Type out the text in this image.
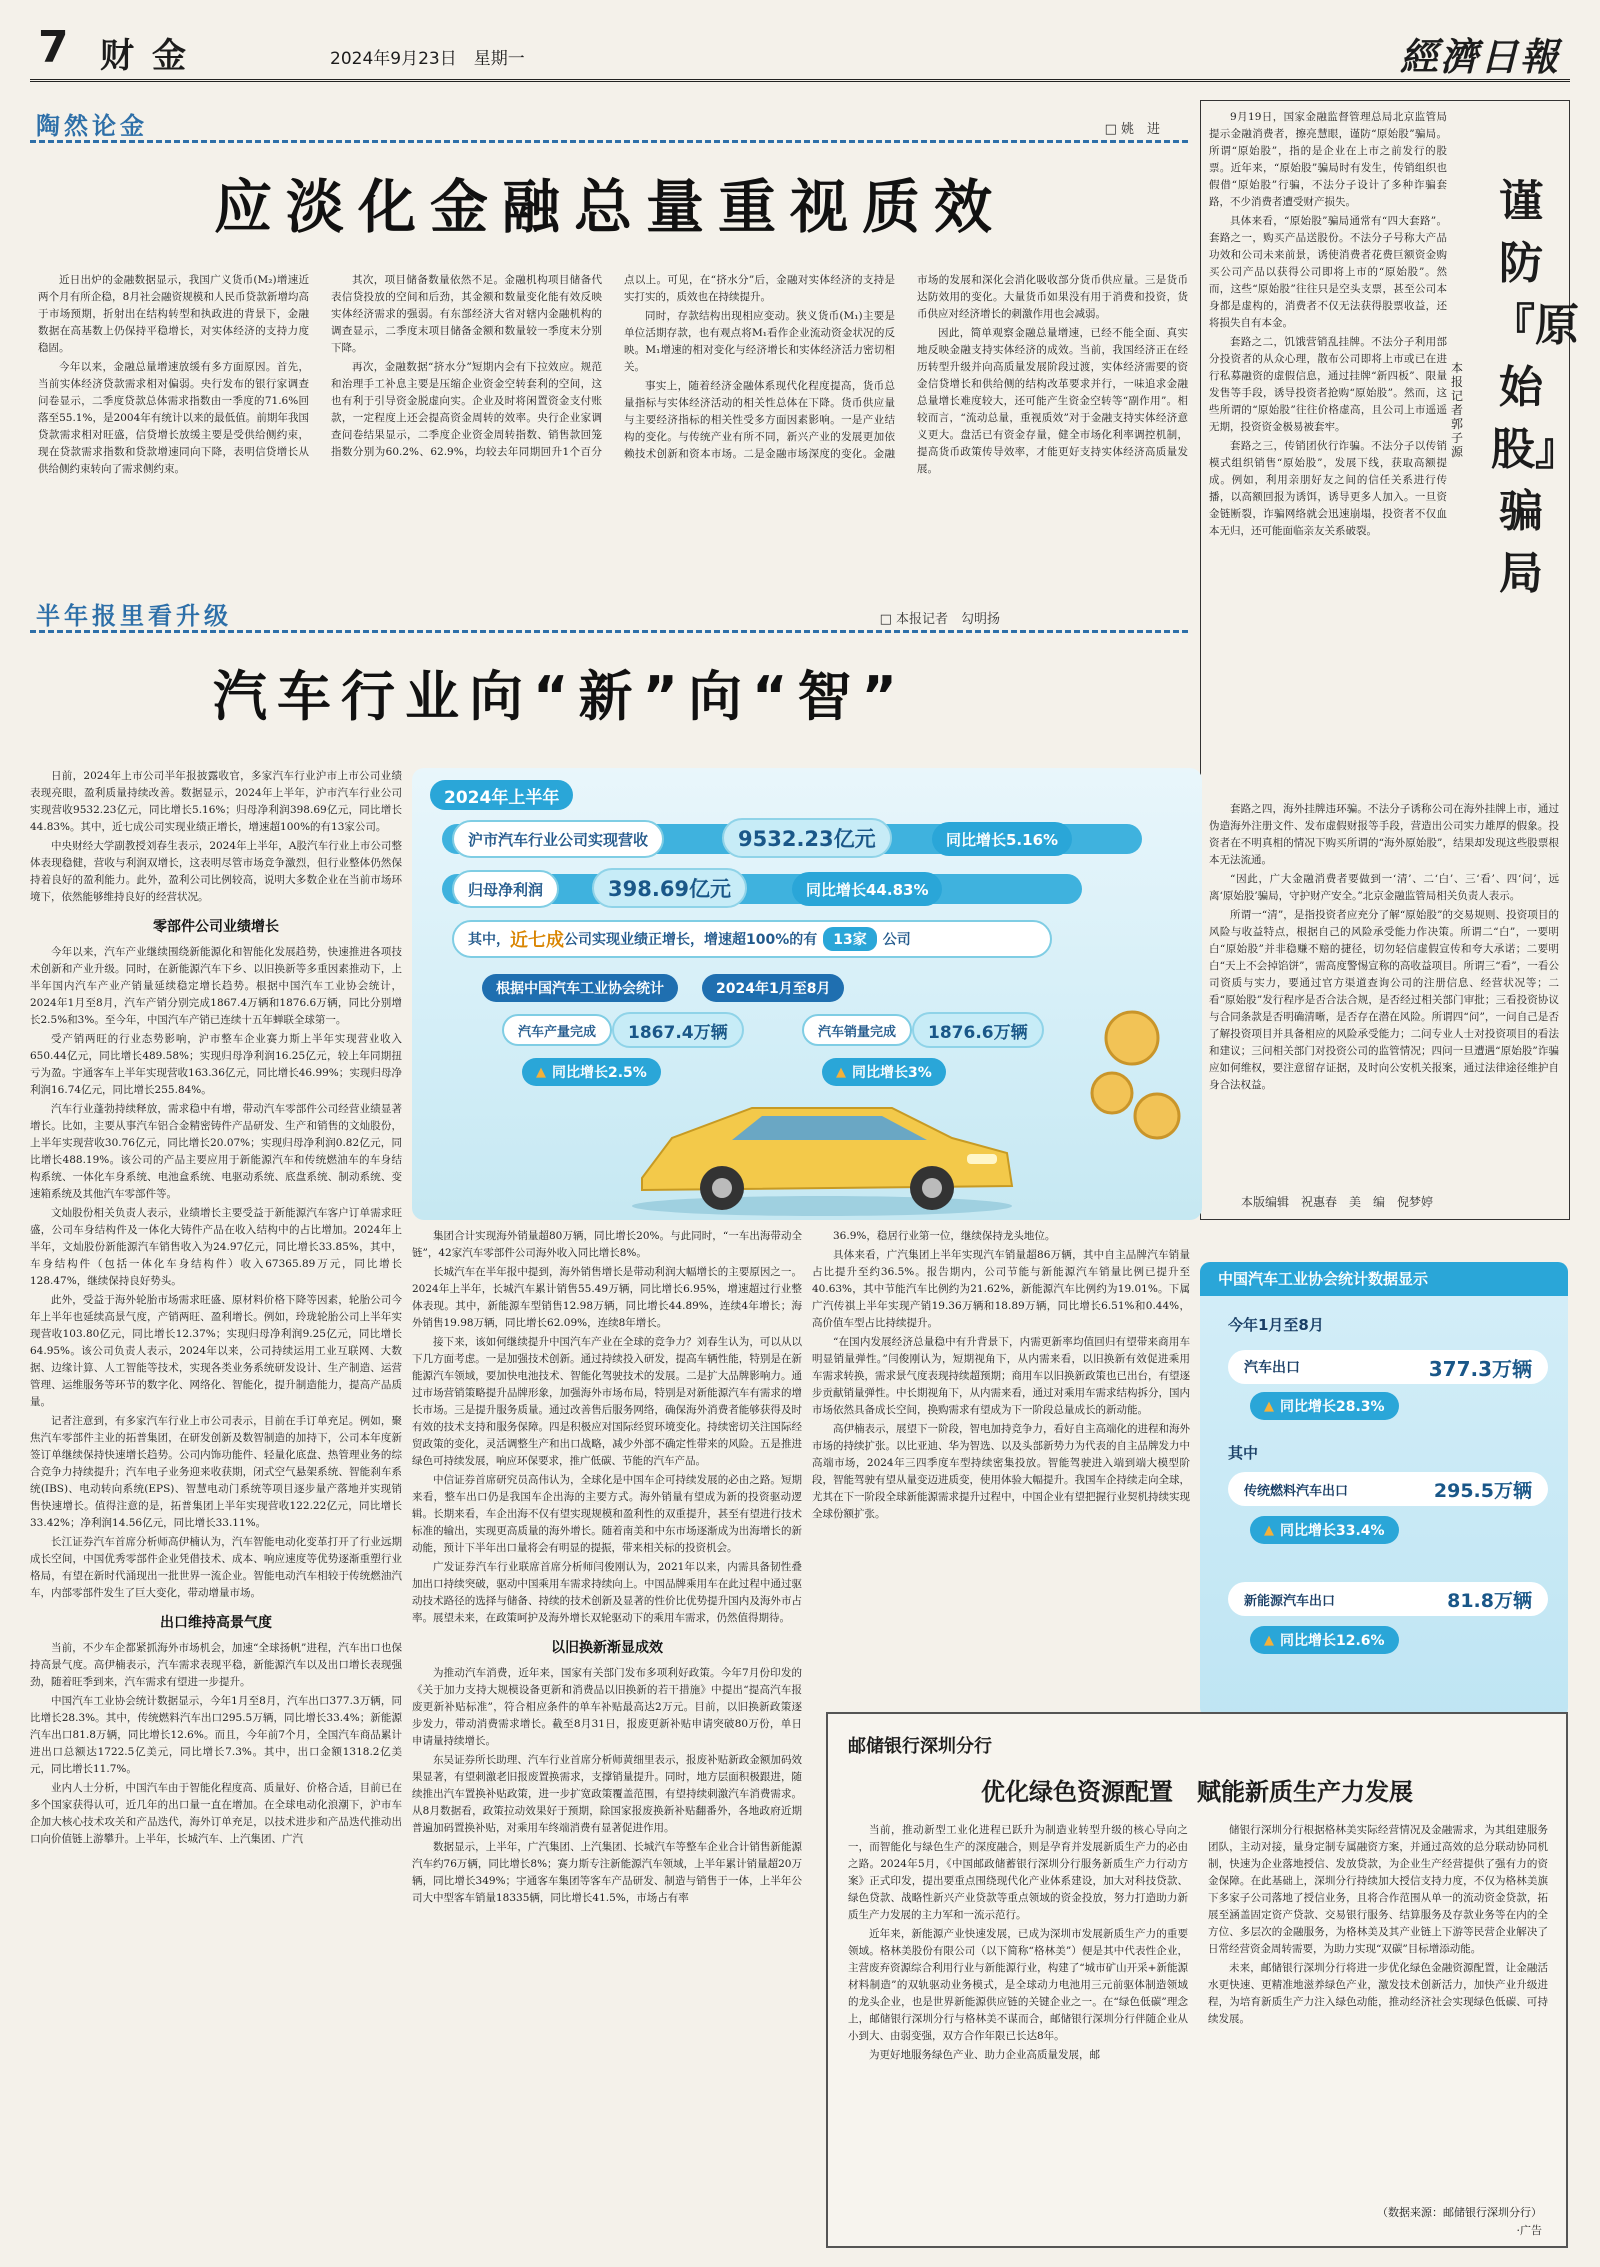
7 财金	2024年9月23日　星期一	經濟日報
陶然论金	□ 姚　进
应淡化金融总量重视质效

近日出炉的金融数据显示，我国广义货币(M₂)增速近两个月有所企稳，8月社会融资规模和人民币贷款新增均高于市场预期，折射出在结构转型和执政进的背景下，金融数据在高基数上仍保持平稳增长，对实体经济的支持力度稳固。

今年以来，金融总量增速放缓有多方面原因。首先，当前实体经济贷款需求相对偏弱。央行发布的银行家调查问卷显示，二季度贷款总体需求指数由一季度的71.6%回落至55.1%，是2004年有统计以来的最低值。前期年我国贷款需求相对旺盛，信贷增长放缓主要是受供给侧约束，现在贷款需求指数和贷款增速同向下降，表明信贷增长从供给侧约束转向了需求侧约束。

其次，项目储备数量依然不足。金融机构项目储备代表信贷投放的空间和后劲，其金额和数量变化能有效反映实体经济需求的强弱。有东部经济大省对辖内金融机构的调查显示，二季度末项目储备金额和数量较一季度末分别下降。

再次，金融数据“挤水分”短期内会有下拉效应。规范和治理手工补息主要是压缩企业资金空转套利的空间，这也有利于引导资金脱虚向实。企业及时将闲置资金支付账款，一定程度上还会提高资金周转的效率。央行企业家调查问卷结果显示，二季度企业资金周转指数、销售款回笼指数分别为60.2%、62.9%，均较去年同期回升1个百分点以上。可见，在“挤水分”后，金融对实体经济的支持是实打实的，质效也在持续提升。

同时，存款结构出现相应变动。狭义货币(M₁)主要是单位活期存款，也有观点将M₁看作企业流动资金状况的反映。M₁增速的相对变化与经济增长和实体经济活力密切相关。

事实上，随着经济金融体系现代化程度提高，货币总量指标与实体经济活动的相关性总体在下降。货币供应量与主要经济指标的相关性受多方面因素影响。一是产业结构的变化。与传统产业有所不同，新兴产业的发展更加依赖技术创新和资本市场。二是金融市场深度的变化。金融市场的发展和深化会消化吸收部分货币供应量。三是货币达防效用的变化。大量货币如果没有用于消费和投资，货币供应对经济增长的刺激作用也会减弱。

因此，简单观察金融总量增速，已经不能全面、真实地反映金融支持实体经济的成效。当前，我国经济正在经历转型升级并向高质量发展阶段过渡，实体经济需要的资金信贷增长和供给侧的结构改革要求并行，一味追求金融总量增长难度较大，还可能产生资金空转等“副作用”。相较而言，“流动总量，重视质效”对于金融支持实体经济意义更大。盘活已有资金存量，健全市场化利率调控机制，提高货币政策传导效率，才能更好支持实体经济高质量发展。

9月19日，国家金融监督管理总局北京监管局提示金融消费者，擦亮慧眼，谨防“原始股”骗局。所谓“原始股”，指的是企业在上市之前发行的股票。近年来，“原始股”骗局时有发生，传销组织也假借“原始股”行骗，不法分子设计了多种诈骗套路，不少消费者遭受财产损失。

具体来看，“原始股”骗局通常有“四大套路”。套路之一，购买产品送股份。不法分子号称大产品功效和公司未来前景，诱使消费者花费巨额资金购买公司产品以获得公司即将上市的“原始股”。然而，这些“原始股”往往只是空头支票，甚至公司本身都是虚构的，消费者不仅无法获得股票收益，还将损失自有本金。

套路之二，饥饿营销乱挂牌。不法分子利用部分投资者的从众心理，散布公司即将上市或已在进行私募融资的虚假信息，通过挂牌“新四板”、限量发售等手段，诱导投资者抢购“原始股”。然而，这些所谓的“原始股”往往价格虚高，且公司上市遥遥无期，投资资金极易被套牢。

套路之三，传销团伙行诈骗。不法分子以传销模式组织销售“原始股”，发展下线，获取高额提成。例如，利用亲朋好友之间的信任关系进行传播，以高额回报为诱饵，诱导更多人加入。一旦资金链断裂，诈骗网络就会迅速崩塌，投资者不仅血本无归，还可能面临亲友关系破裂。

本报记者　郭子源
谨防『原始股』骗局

套路之四，海外挂牌违环骗。不法分子诱称公司在海外挂牌上市，通过伪造海外注册文件、发布虚假财报等手段，营造出公司实力雄厚的假象。投资者在不明真相的情况下购买所谓的“海外原始股”，结果却发现这些股票根本无法流通。

“因此，广大金融消费者要做到一‘清’、二‘白’、三‘看’、四‘问’，远离‘原始股’骗局，守护财产安全。”北京金融监管局相关负责人表示。

所谓一“清”，是指投资者应充分了解“原始股”的交易规则、投资项目的风险与收益特点，根据自己的风险承受能力作决策。所谓二“白”，一要明白“原始股”并非稳赚不赔的捷径，切勿轻信虚假宣传和夸大承诺；二要明白“天上不会掉馅饼”，需高度警惕宣称的高收益项目。所谓三“看”，一看公司资质与实力，要通过官方渠道查询公司的注册信息、经营状况等；二看“原始股”发行程序是否合法合规，是否经过相关部门审批；三看投资协议与合同条款是否明确清晰，是否存在潜在风险。所谓四“问”，一问自己是否了解投资项目并具备相应的风险承受能力；二问专业人士对投资项目的看法和建议；三问相关部门对投资公司的监管情况；四问一旦遭遇“原始股”诈骗应如何维权，要注意留存证据，及时向公安机关报案，通过法律途径维护自身合法权益。

本版编辑　祝惠春　美　编　倪梦婷
半年报里看升级	□ 本报记者　勾明扬
汽车行业向“新”向“智”

日前，2024年上市公司半年报披露收官，多家汽车行业沪市上市公司业绩表现亮眼，盈利质量持续改善。数据显示，2024年上半年，沪市汽车行业公司实现营收9532.23亿元，同比增长5.16%；归母净利润398.69亿元，同比增长44.83%。其中，近七成公司实现业绩正增长，增速超100%的有13家公司。

中央财经大学副教授刘春生表示，2024年上半年，A股汽车行业上市公司整体表现稳健，营收与利润双增长，这表明尽管市场竞争激烈，但行业整体仍然保持着良好的盈利能力。此外，盈利公司比例较高，说明大多数企业在当前市场环境下，依然能够维持良好的经营状况。

零部件公司业绩增长

今年以来，汽车产业继续围绕新能源化和智能化发展趋势，快速推进各项技术创新和产业升级。同时，在新能源汽车下乡、以旧换新等多重因素推动下，上半年国内汽车产业产销量延续稳定增长趋势。根据中国汽车工业协会统计，2024年1月至8月，汽车产销分别完成1867.4万辆和1876.6万辆，同比分别增长2.5%和3%。至今年，中国汽车产销已连续十五年蝉联全球第一。

受产销两旺的行业态势影响，沪市整车企业赛力斯上半年实现营业收入650.44亿元，同比增长489.58%；实现归母净利润16.25亿元，较上年同期扭亏为盈。宇通客车上半年实现营收163.36亿元，同比增长46.99%；实现归母净利润16.74亿元，同比增长255.84%。

汽车行业蓬勃持续释放，需求稳中有增，带动汽车零部件公司经营业绩显著增长。比如，主要从事汽车铝合金精密铸件产品研发、生产和销售的文灿股份，上半年实现营收30.76亿元，同比增长20.07%；实现归母净利润0.82亿元，同比增长488.19%。该公司的产品主要应用于新能源汽车和传统燃油车的车身结构系统、一体化车身系统、电池盒系统、电驱动系统、底盘系统、制动系统、变速箱系统及其他汽车零部件等。

文灿股份相关负责人表示，业绩增长主要受益于新能源汽车客户订单需求旺盛，公司车身结构件及一体化大铸件产品在收入结构中的占比增加。2024年上半年，文灿股份新能源汽车销售收入为24.97亿元，同比增长33.85%，其中，车身结构件（包括一体化车身结构件）收入67365.89万元，同比增长128.47%，继续保持良好势头。

此外，受益于海外轮胎市场需求旺盛、原材料价格下降等因素，轮胎公司今年上半年也延续高景气度，产销两旺、盈利增长。例如，玲珑轮胎公司上半年实现营收103.80亿元，同比增长12.37%；实现归母净利润9.25亿元，同比增长64.95%。该公司负责人表示，2024年以来，公司持续运用工业互联网、大数据、边缘计算、人工智能等技术，实现各类业务系统研发设计、生产制造、运营管理、运维服务等环节的数字化、网络化、智能化，提升制造能力，提高产品质量。

记者注意到，有多家汽车行业上市公司表示，目前在手订单充足。例如，聚焦汽车零部件主业的拓普集团，在研发创新及数智制造的加持下，公司本年度新签订单继续保持快速增长趋势。公司内饰功能件、轻量化底盘、热管理业务的综合竞争力持续提升；汽车电子业务迎来收获期，闭式空气悬架系统、智能刹车系统(IBS)、电动转向系统(EPS)、智慧电动门系统等项目逐步量产落地并实现销售快速增长。值得注意的是，拓普集团上半年实现营收122.22亿元，同比增长33.42%；净利润14.56亿元，同比增长33.11%。

长江证券汽车首席分析师高伊楠认为，汽车智能电动化变革打开了行业远期成长空间，中国优秀零部件企业凭借技术、成本、响应速度等优势逐渐重塑行业格局，有望在新时代涌现出一批世界一流企业。智能电动汽车相较于传统燃油汽车，内部零部件发生了巨大变化，带动增量市场。

出口维持高景气度

当前，不少车企都紧抓海外市场机会，加速“全球扬帆”进程，汽车出口也保持高景气度。高伊楠表示，汽车需求表现平稳，新能源汽车以及出口增长表现强劲，随着旺季到来，汽车需求有望进一步提升。

中国汽车工业协会统计数据显示，今年1月至8月，汽车出口377.3万辆，同比增长28.3%。其中，传统燃料汽车出口295.5万辆，同比增长33.4%；新能源汽车出口81.8万辆，同比增长12.6%。而且，今年前7个月，全国汽车商品累计进出口总额达1722.5亿美元，同比增长7.3%。其中，出口金额1318.2亿美元，同比增长11.7%。

业内人士分析，中国汽车由于智能化程度高、质量好、价格合适，目前已在多个国家获得认可，近几年的出口量一直在增加。在全球电动化浪潮下，沪市车企加大核心技术攻关和产品迭代，海外订单充足，以技术进步和产品迭代推动出口向价值链上游攀升。上半年，长城汽车、上汽集团、广汽

2024年上半年
沪市汽车行业公司实现营收	9532.23亿元	同比增长5.16%
归母净利润	398.69亿元	同比增长44.83%
其中， 近七成 公司实现业绩正增长，增速超100%的有	13家	公司
根据中国汽车工业协会统计	2024年1月至8月
汽车产量完成	1867.4万辆
▲ 同比增长2.5%
汽车销量完成	1876.6万辆
▲ 同比增长3%

集团合计实现海外销量超80万辆，同比增长20%。与此同时，“一车出海带动全链”，42家汽车零部件公司海外收入同比增长8%。

长城汽车在半年报中提到，海外销售增长是带动利润大幅增长的主要原因之一。2024年上半年，长城汽车累计销售55.49万辆，同比增长6.95%，增速超过行业整体表现。其中，新能源车型销售12.98万辆，同比增长44.89%，连续4年增长；海外销售19.98万辆，同比增长62.09%，连续8年增长。

接下来，该如何继续提升中国汽车产业在全球的竞争力？刘春生认为，可以从以下几方面考虑。一是加强技术创新。通过持续投入研发，提高车辆性能，特别是在新能源汽车领域，要加快电池技术、智能化驾驶技术的发展。二是扩大品牌影响力。通过市场营销策略提升品牌形象，加强海外市场布局，特别是对新能源汽车有需求的增长市场。三是提升服务质量。通过改善售后服务网络，确保海外消费者能够获得及时有效的技术支持和服务保障。四是积极应对国际经贸环境变化。持续密切关注国际经贸政策的变化，灵活调整生产和出口战略，减少外部不确定性带来的风险。五是推进绿色可持续发展，响应环保要求，推广低碳、节能的汽车产品。

中信证券首席研究员高伟认为，全球化是中国车企可持续发展的必由之路。短期来看，整车出口仍是我国车企出海的主要方式。海外销量有望成为新的投资驱动逻辑。长期来看，车企出海不仅有望实现规模和盈利性的双重提升，甚至有望进行技术标准的输出，实现更高质量的海外增长。随着南美和中东市场逐渐成为出海增长的新动能，预计下半年出口量将会有明显的提振，带来相关标的投资机会。

广发证券汽车行业联席首席分析师闫俊刚认为，2021年以来，内需具备韧性叠加出口持续突破，驱动中国乘用车需求持续向上。中国品牌乘用车在此过程中通过驱动技术路径的选择与储备、持续的技术创新及显著的性价比优势提升国内及海外市占率。展望未来，在政策呵护及海外增长双轮驱动下的乘用车需求，仍然值得期待。

以旧换新渐显成效

为推动汽车消费，近年来，国家有关部门发布多项利好政策。今年7月份印发的《关于加力支持大规模设备更新和消费品以旧换新的若干措施》中提出“提高汽车报废更新补贴标准”，符合相应条件的单车补贴最高达2万元。目前，以旧换新政策逐步发力，带动消费需求增长。截至8月31日，报废更新补贴申请突破80万份，单日申请量持续增长。

东吴证券所长助理、汽车行业首席分析师黄细里表示，报废补贴新政金额加码效果显著，有望刺激老旧报废置换需求，支撑销量提升。同时，地方层面积极跟进，随续推出汽车置换补贴政策，进一步扩宽政策覆盖范围，有望持续刺激汽车消费需求。从8月数据看，政策拉动效果好于预期，除国家报废换新补贴翻番外，各地政府近期普遍加码置换补贴，对乘用车终端消费有显著促进作用。

数据显示，上半年，广汽集团、上汽集团、长城汽车等整车企业合计销售新能源汽车约76万辆，同比增长8%；赛力斯专注新能源汽车领域，上半年累计销量超20万辆，同比增长349%；宇通客车集团等客车产品研发、制造与销售于一体，上半年公司大中型客车销量18335辆，同比增长41.5%，市场占有率

36.9%，稳居行业第一位，继续保持龙头地位。

具体来看，广汽集团上半年实现汽车销量超86万辆，其中自主品牌汽车销量占比提升至约36.5%。报告期内，公司节能与新能源汽车销量比例已提升至40.63%，其中节能汽车比例约为21.62%，新能源汽车比例约为19.01%。下属广汽传祺上半年实现产销19.36万辆和18.89万辆，同比增长6.51%和0.44%，高价值车型占比持续提升。

“在国内发展经济总量稳中有升背景下，内需更新率均值回归有望带来商用车明显销量弹性。”闫俊刚认为，短期视角下，从内需来看，以旧换新有效促进乘用车需求转换，需求景气度表现持续超预期；商用车以旧换新政策也已出台，有望逐步贡献销量弹性。中长期视角下，从内需来看，通过对乘用车需求结构拆分，国内市场依然具备成长空间，换购需求有望成为下一阶段总量成长的新动能。

高伊楠表示，展望下一阶段，智电加持竞争力，看好自主高端化的进程和海外市场的持续扩张。以比亚迪、华为智选、以及头部新势力为代表的自主品牌发力中高端市场，2024年三四季度车型持续密集投放。智能驾驶进入端到端大模型阶段，智能驾驶有望从量变迈进质变，使用体验大幅提升。我国车企持续走向全球，尤其在下一阶段全球新能源需求提升过程中，中国企业有望把握行业契机持续实现全球份额扩张。

中国汽车工业协会统计数据显示
今年1月至8月
汽车出口	377.3万辆
▲ 同比增长28.3%
其中
传统燃料汽车出口	295.5万辆
▲ 同比增长33.4%
新能源汽车出口	81.8万辆
▲ 同比增长12.6%
邮储银行深圳分行
优化绿色资源配置　赋能新质生产力发展

当前，推动新型工业化进程已跃升为制造业转型升级的核心导向之一，而智能化与绿色生产的深度融合，则是孕育并发展新质生产力的必由之路。2024年5月，《中国邮政储蓄银行深圳分行服务新质生产力行动方案》正式印发，提出要重点围绕现代化产业体系建设，加大对科技贷款、绿色贷款、战略性新兴产业贷款等重点领域的资金投放，努力打造助力新质生产力发展的主力军和一流示范行。

近年来，新能源产业快速发展，已成为深圳市发展新质生产力的重要领域。格林美股份有限公司（以下简称“格林美”）便是其中代表性企业，主营废弃资源综合利用行业与新能源行业，构建了“城市矿山开采+新能源材料制造”的双轨驱动业务模式，是全球动力电池用三元前驱体制造领域的龙头企业，也是世界新能源供应链的关键企业之一。在“绿色低碳”理念上，邮储银行深圳分行与格林美不谋而合，邮储银行深圳分行伴随企业从小到大、由弱变强，双方合作年限已长达8年。

为更好地服务绿色产业、助力企业高质量发展，邮

储银行深圳分行根据格林美实际经营情况及金融需求，为其组建服务团队，主动对接，量身定制专属融资方案，并通过高效的总分联动协同机制，快速为企业落地授信、发放贷款，为企业生产经营提供了强有力的资金保障。在此基础上，深圳分行持续加大授信支持力度，不仅为格林美旗下多家子公司落地了授信业务，且将合作范围从单一的流动资金贷款，拓展至涵盖固定资产贷款、交易银行服务、结算服务及存款业务等在内的全方位、多层次的金融服务，为格林美及其产业链上下游等民营企业解决了日常经营资金周转需要，为助力实现“双碳”目标增添动能。

未来，邮储银行深圳分行将进一步优化绿色金融资源配置，让金融活水更快速、更精准地滋养绿色产业，激发技术创新活力，加快产业升级进程，为培育新质生产力注入绿色动能，推动经济社会实现绿色低碳、可持续发展。

（数据来源：邮储银行深圳分行）
·广告
